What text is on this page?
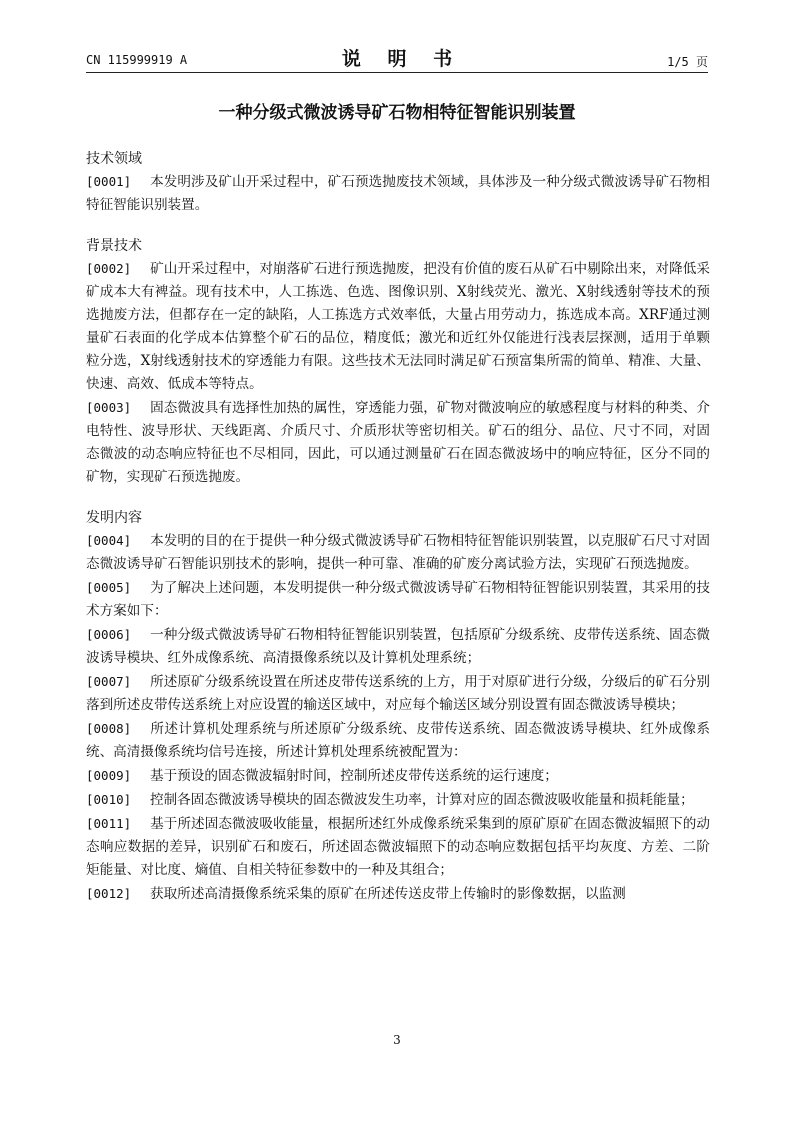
CN 115999919 A	说 明 书	1/5 页
一种分级式微波诱导矿石物相特征智能识别装置
技术领域
[0001] 本发明涉及矿山开采过程中，矿石预选抛废技术领域，具体涉及一种分级式微波诱导矿石物相特征智能识别装置。
背景技术
[0002] 矿山开采过程中，对崩落矿石进行预选抛废，把没有价值的废石从矿石中剔除出来，对降低采矿成本大有裨益。现有技术中，人工拣选、色选、图像识别、X射线荧光、激光、X射线透射等技术的预选抛废方法，但都存在一定的缺陷，人工拣选方式效率低，大量占用劳动力，拣选成本高。XRF通过测量矿石表面的化学成本估算整个矿石的品位，精度低；激光和近红外仅能进行浅表层探测，适用于单颗粒分选，X射线透射技术的穿透能力有限。这些技术无法同时满足矿石预富集所需的简单、精准、大量、快速、高效、低成本等特点。
[0003] 固态微波具有选择性加热的属性，穿透能力强，矿物对微波响应的敏感程度与材料的种类、介电特性、波导形状、天线距离、介质尺寸、介质形状等密切相关。矿石的组分、品位、尺寸不同，对固态微波的动态响应特征也不尽相同，因此，可以通过测量矿石在固态微波场中的响应特征，区分不同的矿物，实现矿石预选抛废。
发明内容
[0004] 本发明的目的在于提供一种分级式微波诱导矿石物相特征智能识别装置，以克服矿石尺寸对固态微波诱导矿石智能识别技术的影响，提供一种可靠、准确的矿废分离试验方法，实现矿石预选抛废。
[0005] 为了解决上述问题，本发明提供一种分级式微波诱导矿石物相特征智能识别装置，其采用的技术方案如下：
[0006] 一种分级式微波诱导矿石物相特征智能识别装置，包括原矿分级系统、皮带传送系统、固态微波诱导模块、红外成像系统、高清摄像系统以及计算机处理系统；
[0007] 所述原矿分级系统设置在所述皮带传送系统的上方，用于对原矿进行分级，分级后的矿石分别落到所述皮带传送系统上对应设置的输送区域中，对应每个输送区域分别设置有固态微波诱导模块；
[0008] 所述计算机处理系统与所述原矿分级系统、皮带传送系统、固态微波诱导模块、红外成像系统、高清摄像系统均信号连接，所述计算机处理系统被配置为：
[0009] 基于预设的固态微波辐射时间，控制所述皮带传送系统的运行速度；
[0010] 控制各固态微波诱导模块的固态微波发生功率，计算对应的固态微波吸收能量和损耗能量；
[0011] 基于所述固态微波吸收能量，根据所述红外成像系统采集到的原矿原矿在固态微波辐照下的动态响应数据的差异，识别矿石和废石，所述固态微波辐照下的动态响应数据包括平均灰度、方差、二阶矩能量、对比度、熵值、自相关特征参数中的一种及其组合；
[0012] 获取所述高清摄像系统采集的原矿在所述传送皮带上传输时的影像数据，以监测
3
